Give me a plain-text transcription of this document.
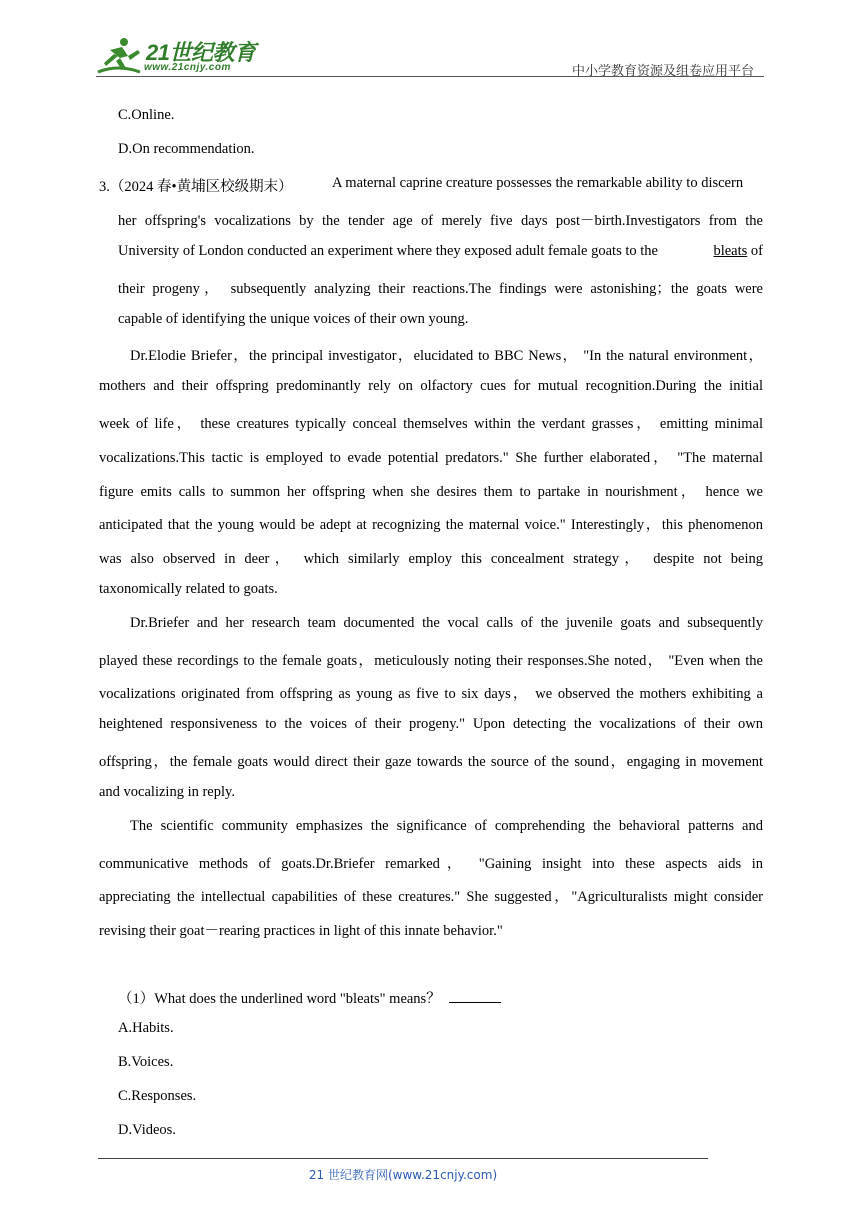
21世纪教育
www.21cnjy.com	中小学教育资源及组卷应用平台
C.Online.
D.On recommendation.
3.（2024 春•黄埔区校级期末）	A maternal caprine creature possesses the remarkable ability to discern
her offspring's vocalizations by the tender age of merely five days post－birth.Investigators from the
University of London conducted an experiment where they exposed adult female goats to the	bleats of
their progeny， subsequently analyzing their reactions.The findings were astonishing；the goats were
capable of identifying the unique voices of their own young.
Dr.Elodie Briefer，the principal investigator，elucidated to BBC News， "In the natural environment，
mothers and their offspring predominantly rely on olfactory cues for mutual recognition.During the initial
week of life， these creatures typically conceal themselves within the verdant grasses， emitting minimal
vocalizations.This tactic is employed to evade potential predators." She further elaborated， "The maternal
figure emits calls to summon her offspring when she desires them to partake in nourishment， hence we
anticipated that the young would be adept at recognizing the maternal voice." Interestingly，this phenomenon
was also observed in deer， which similarly employ this concealment strategy， despite not being
taxonomically related to goats.
Dr.Briefer and her research team documented the vocal calls of the juvenile goats and subsequently
played these recordings to the female goats，meticulously noting their responses.She noted， "Even when the
vocalizations originated from offspring as young as five to six days， we observed the mothers exhibiting a
heightened responsiveness to the voices of their progeny." Upon detecting the vocalizations of their own
offspring，the female goats would direct their gaze towards the source of the sound，engaging in movement
and vocalizing in reply.
The scientific community emphasizes the significance of comprehending the behavioral patterns and
communicative methods of goats.Dr.Briefer remarked， "Gaining insight into these aspects aids in
appreciating the intellectual capabilities of these creatures." She suggested，"Agriculturalists might consider
revising their goat－rearing practices in light of this innate behavior."
（1）What does the underlined word "bleats" means？
A.Habits.
B.Voices.
C.Responses.
D.Videos.
21 世纪教育网(www.21cnjy.com)
